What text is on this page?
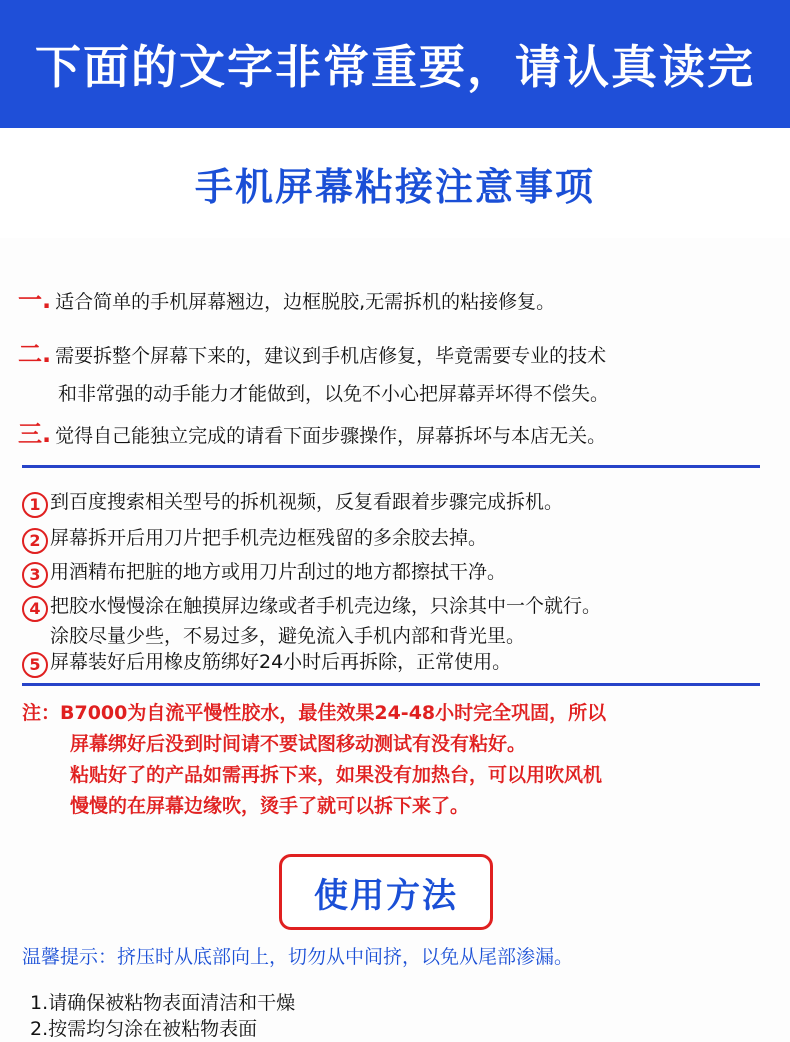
下面的文字非常重要，请认真读完
手机屏幕粘接注意事项
一. 适合简单的手机屏幕翘边，边框脱胶,无需拆机的粘接修复。
二. 需要拆整个屏幕下来的，建议到手机店修复，毕竟需要专业的技术
和非常强的动手能力才能做到，以免不小心把屏幕弄坏得不偿失。
三. 觉得自己能独立完成的请看下面步骤操作，屏幕拆坏与本店无关。
1 到百度搜索相关型号的拆机视频，反复看跟着步骤完成拆机。
2 屏幕拆开后用刀片把手机壳边框残留的多余胶去掉。
3 用酒精布把脏的地方或用刀片刮过的地方都擦拭干净。
4 把胶水慢慢涂在触摸屏边缘或者手机壳边缘，只涂其中一个就行。
涂胶尽量少些，不易过多，避免流入手机内部和背光里。
5 屏幕装好后用橡皮筋绑好24小时后再拆除，正常使用。
注：B7000为自流平慢性胶水，最佳效果24-48小时完全巩固，所以
屏幕绑好后没到时间请不要试图移动测试有没有粘好。
粘贴好了的产品如需再拆下来，如果没有加热台，可以用吹风机
慢慢的在屏幕边缘吹，烫手了就可以拆下来了。
使用方法
温馨提示：挤压时从底部向上，切勿从中间挤，以免从尾部渗漏。
1.请确保被粘物表面清洁和干燥
2.按需均匀涂在被粘物表面
